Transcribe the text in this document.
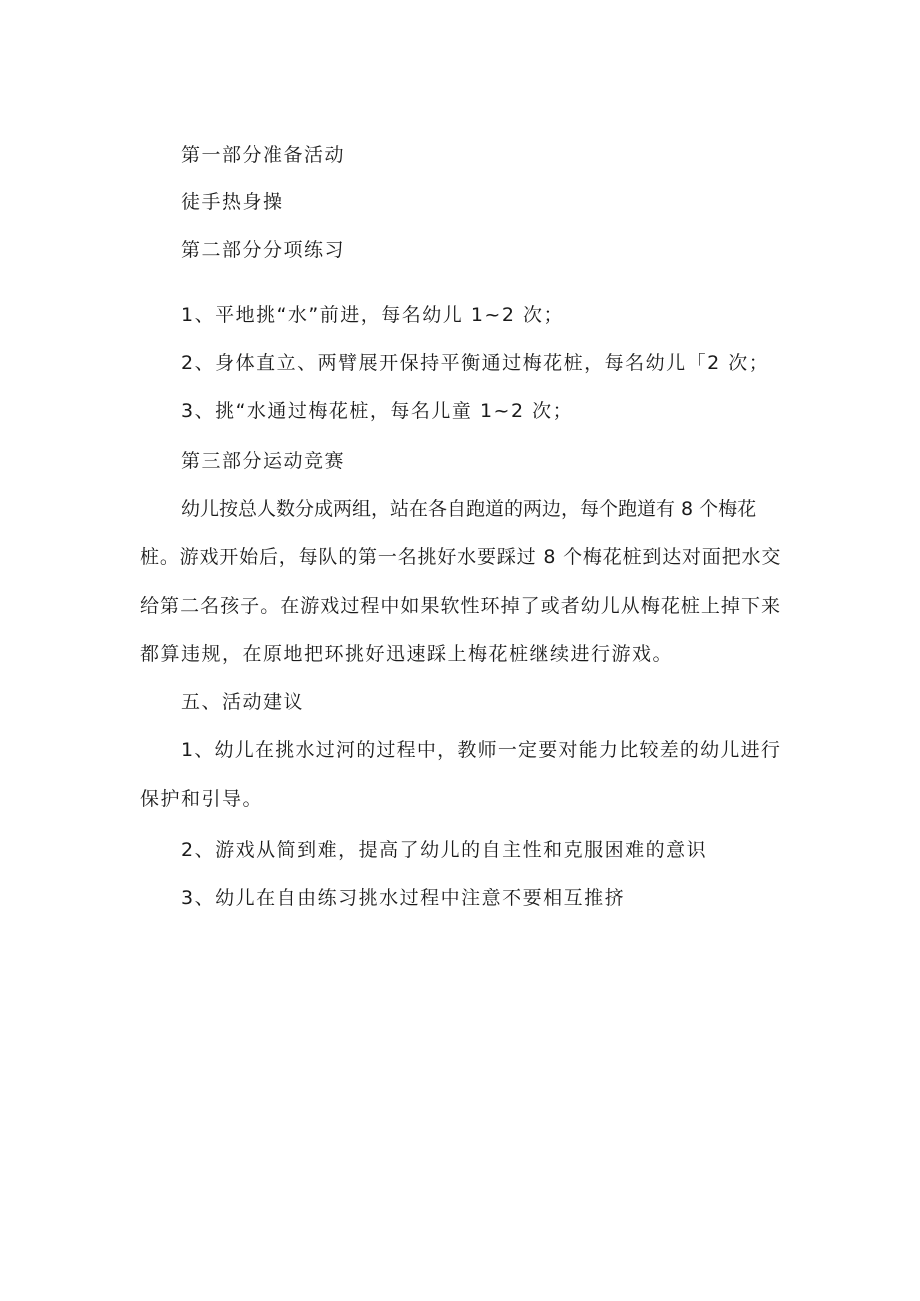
第一部分准备活动
徒手热身操
第二部分分项练习
1、平地挑“水”前进，每名幼儿 1~2 次；
2、身体直立、两臂展开保持平衡通过梅花桩，每名幼儿「2 次；
3、挑“水通过梅花桩，每名儿童 1~2 次；
第三部分运动竞赛
幼儿按总人数分成两组，站在各自跑道的两边，每个跑道有 8 个梅花
桩。游戏开始后，每队的第一名挑好水要踩过 8 个梅花桩到达对面把水交
给第二名孩子。在游戏过程中如果软性环掉了或者幼儿从梅花桩上掉下来
都算违规，在原地把环挑好迅速踩上梅花桩继续进行游戏。
五、活动建议
1、幼儿在挑水过河的过程中，教师一定要对能力比较差的幼儿进行
保护和引导。
2、游戏从简到难，提高了幼儿的自主性和克服困难的意识
3、幼儿在自由练习挑水过程中注意不要相互推挤
